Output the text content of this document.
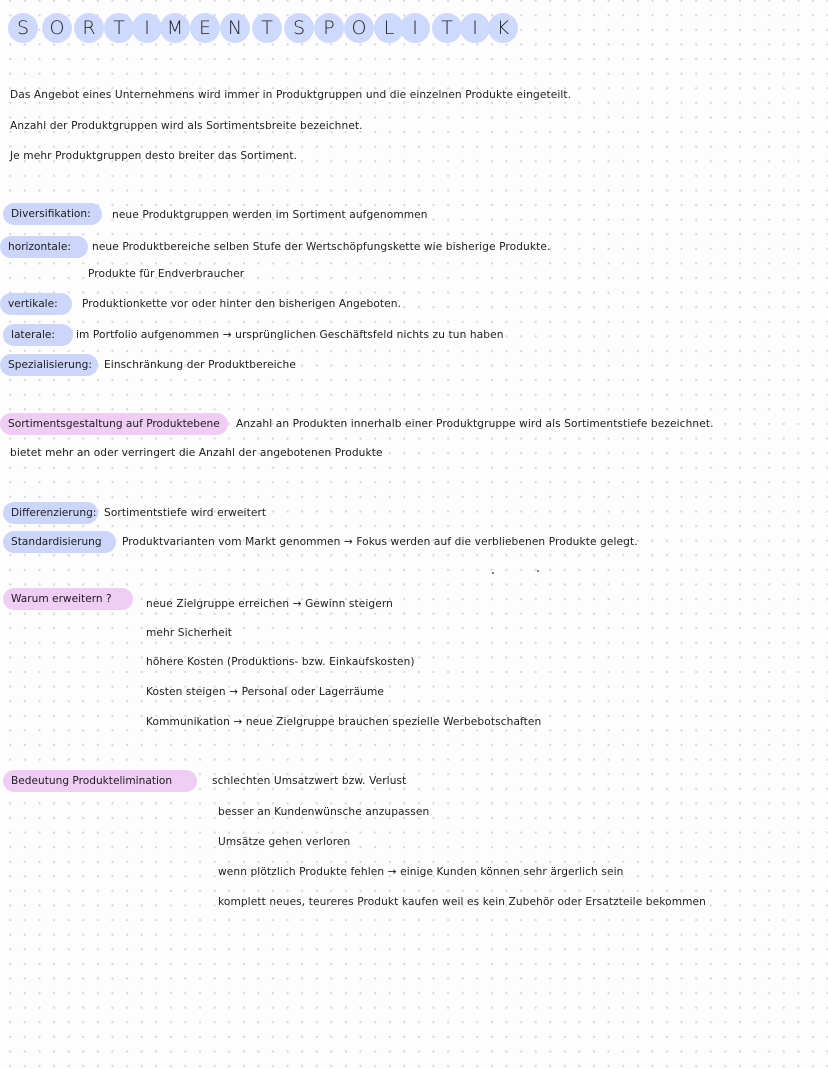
S	O R T	I M E N	T	S P O L I	T	I K
Das Angebot eines Unternehmens wird immer in Produktgruppen und die einzelnen Produkte eingeteilt.
Anzahl der Produktgruppen wird als Sortimentsbreite bezeichnet.
Je mehr Produktgruppen desto breiter das Sortiment.
Diversifikation:	neue Produktgruppen werden im Sortiment aufgenommen
horizontale:	neue Produktbereiche selben Stufe der Wertschöpfungskette wie bisherige Produkte.
Produkte für Endverbraucher
vertikale:	Produktionkette vor oder hinter den bisherigen Angeboten.
laterale:	im Portfolio aufgenommen → ursprünglichen Geschäftsfeld nichts zu tun haben
Spezialisierung:	Einschränkung der Produktbereiche
Sortimentsgestaltung auf Produktebene	Anzahl an Produkten innerhalb einer Produktgruppe wird als Sortimentstiefe bezeichnet.
bietet mehr an oder verringert die Anzahl der angebotenen Produkte
Differenzierung: Sortimentstiefe wird erweitert
Standardisierung	Produktvarianten vom Markt genommen → Fokus werden auf die verbliebenen Produkte gelegt.
Warum erweitern ?	neue Zielgruppe erreichen → Gewinn steigern
mehr Sicherheit
höhere Kosten (Produktions- bzw. Einkaufskosten)
Kosten steigen → Personal oder Lagerräume
Kommunikation → neue Zielgruppe brauchen spezielle Werbebotschaften
Bedeutung Produktelimination	schlechten Umsatzwert bzw. Verlust
besser an Kundenwünsche anzupassen
Umsätze gehen verloren
wenn plötzlich Produkte fehlen → einige Kunden können sehr ärgerlich sein
komplett neues, teureres Produkt kaufen weil es kein Zubehör oder Ersatzteile bekommen
